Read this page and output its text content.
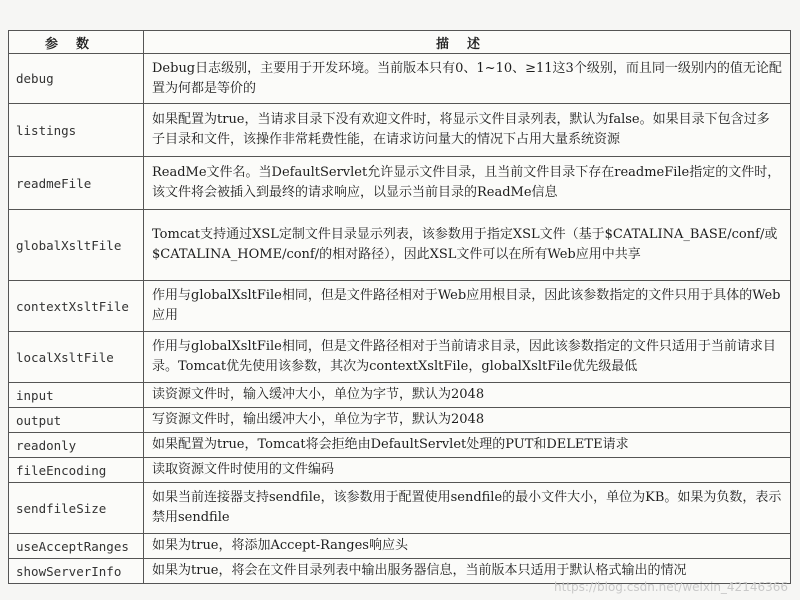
参数	描述
debug	Debug日志级别，主要用于开发环境。当前版本只有0、1~10、≥11这3个级别，而且同一级别内的值无论配置为何都是等价的
listings	如果配置为true，当请求目录下没有欢迎文件时，将显示文件目录列表，默认为false。如果目录下包含过多子目录和文件，该操作非常耗费性能，在请求访问量大的情况下占用大量系统资源
readmeFile	ReadMe文件名。当DefaultServlet允许显示文件目录，且当前文件目录下存在readmeFile指定的文件时，该文件将会被插入到最终的请求响应，以显示当前目录的ReadMe信息
globalXsltFile	Tomcat支持通过XSL定制文件目录显示列表，该参数用于指定XSL文件（基于$CATALINA_BASE/conf/或$CATALINA_HOME/conf/的相对路径），因此XSL文件可以在所有Web应用中共享
contextXsltFile	作用与globalXsltFile相同，但是文件路径相对于Web应用根目录，因此该参数指定的文件只用于具体的Web应用
localXsltFile	作用与globalXsltFile相同，但是文件路径相对于当前请求目录，因此该参数指定的文件只适用于当前请求目录。Tomcat优先使用该参数，其次为contextXsltFile，globalXsltFile优先级最低
input	读资源文件时，输入缓冲大小，单位为字节，默认为2048
output	写资源文件时，输出缓冲大小，单位为字节，默认为2048
readonly	如果配置为true，Tomcat将会拒绝由DefaultServlet处理的PUT和DELETE请求
fileEncoding	读取资源文件时使用的文件编码
sendfileSize	如果当前连接器支持sendfile，该参数用于配置使用sendfile的最小文件大小，单位为KB。如果为负数，表示禁用sendfile
useAcceptRanges	如果为true，将添加Accept-Ranges响应头
showServerInfo	如果为true，将会在文件目录列表中输出服务器信息，当前版本只适用于默认格式输出的情况
https://blog.csdn.net/weixin_42146366
